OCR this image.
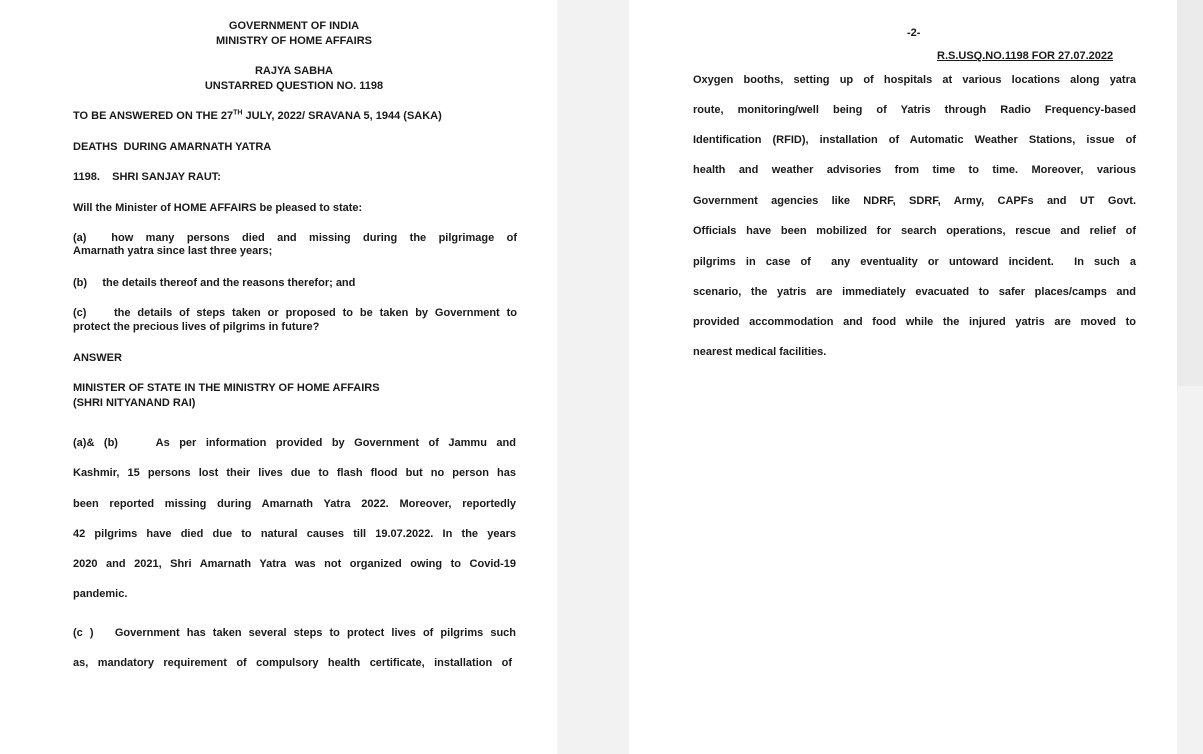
GOVERNMENT OF INDIA
MINISTRY OF HOME AFFAIRS
RAJYA SABHA
UNSTARRED QUESTION NO. 1198
TO BE ANSWERED ON THE 27TH JULY, 2022/ SRAVANA 5, 1944 (SAKA)
DEATHS  DURING AMARNATH YATRA
1198.    SHRI SANJAY RAUT:
Will the Minister of HOME AFFAIRS be pleased to state:
(a)    how  many  persons  died  and  missing  during  the  pilgrimage  of
Amarnath yatra since last three years;
(b)     the details thereof and the reasons therefor; and
(c)    the details of steps taken or proposed to be taken by Government to
protect the precious lives of pilgrims in future?
ANSWER
MINISTER OF STATE IN THE MINISTRY OF HOME AFFAIRS
(SHRI NITYANAND RAI)
(a)& (b)    As per information provided by Government of Jammu and
Kashmir, 15 persons lost their lives due to flash flood but no person has
been reported missing during Amarnath Yatra 2022. Moreover, reportedly
42 pilgrims have died due to natural causes till 19.07.2022. In the years
2020 and 2021, Shri Amarnath Yatra was not organized owing to Covid-19
pandemic.
(c )   Government has taken several steps to protect lives of pilgrims such
as, mandatory requirement of compulsory health certificate, installation of
-2-
R.S.USQ.NO.1198 FOR 27.07.2022
Oxygen booths, setting up of hospitals at various locations along yatra
route, monitoring/well being of Yatris through Radio Frequency-based
Identification (RFID), installation of Automatic Weather Stations, issue of
health and weather advisories from time to time. Moreover, various
Government agencies like NDRF, SDRF, Army, CAPFs and UT Govt.
Officials have been mobilized for search operations, rescue and relief of
pilgrims in case of  any eventuality or untoward incident.  In such a
scenario, the yatris are immediately evacuated to safer places/camps and
provided accommodation and food while the injured yatris are moved to
nearest medical facilities.
